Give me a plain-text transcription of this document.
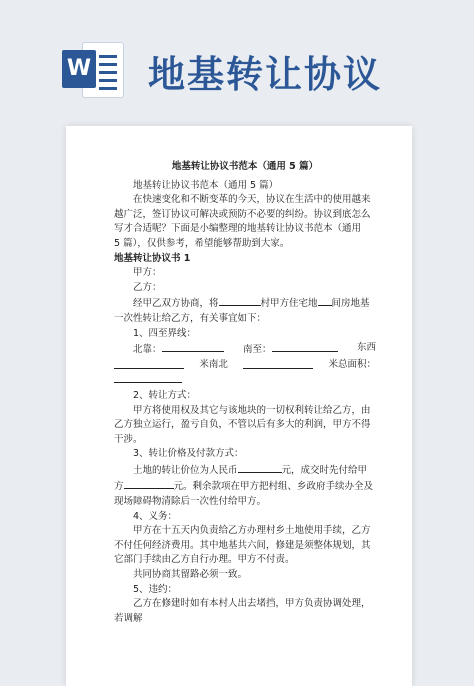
W 地基转让协议

地基转让协议书范本（通用 5 篇）

地基转让协议书范本（通用 5 篇）

在快速变化和不断变革的今天，协议在生活中的使用越来越广泛，签订协议可解决或预防不必要的纠纷。协议到底怎么写才合适呢？下面是小编整理的地基转让协议书范本（通用　5 篇），仅供参考，希望能够帮助到大家。

地基转让协议书 1

甲方：

乙方：

经甲乙双方协商，将	村甲方住宅地 间房地基一次性转让给乙方，有关事宜如下：

1、四至界线：

北靠：	南至：	东西

米南北	米总面积：

2、转让方式：

甲方将使用权及其它与该地块的一切权利转让给乙方，由乙方独立运行，盈亏自负，不管以后有多大的利润，甲方不得干涉。

3、转让价格及付款方式：

土地的转让价位为人民币	元，成交时先付给甲方	元。剩余款项在甲方把村组、乡政府手续办全及现场障碍物清除后一次性付给甲方。

4、义务：

甲方在十五天内负责给乙方办理村乡土地使用手续，乙方不付任何经济费用。其中地基共六间，修建是须整体规划，其它部门手续由乙方自行办理。甲方不付责。

共同协商其留路必须一致。

5、违约：

乙方在修建时如有本村人出去堵挡，甲方负责协调处理，若调解
